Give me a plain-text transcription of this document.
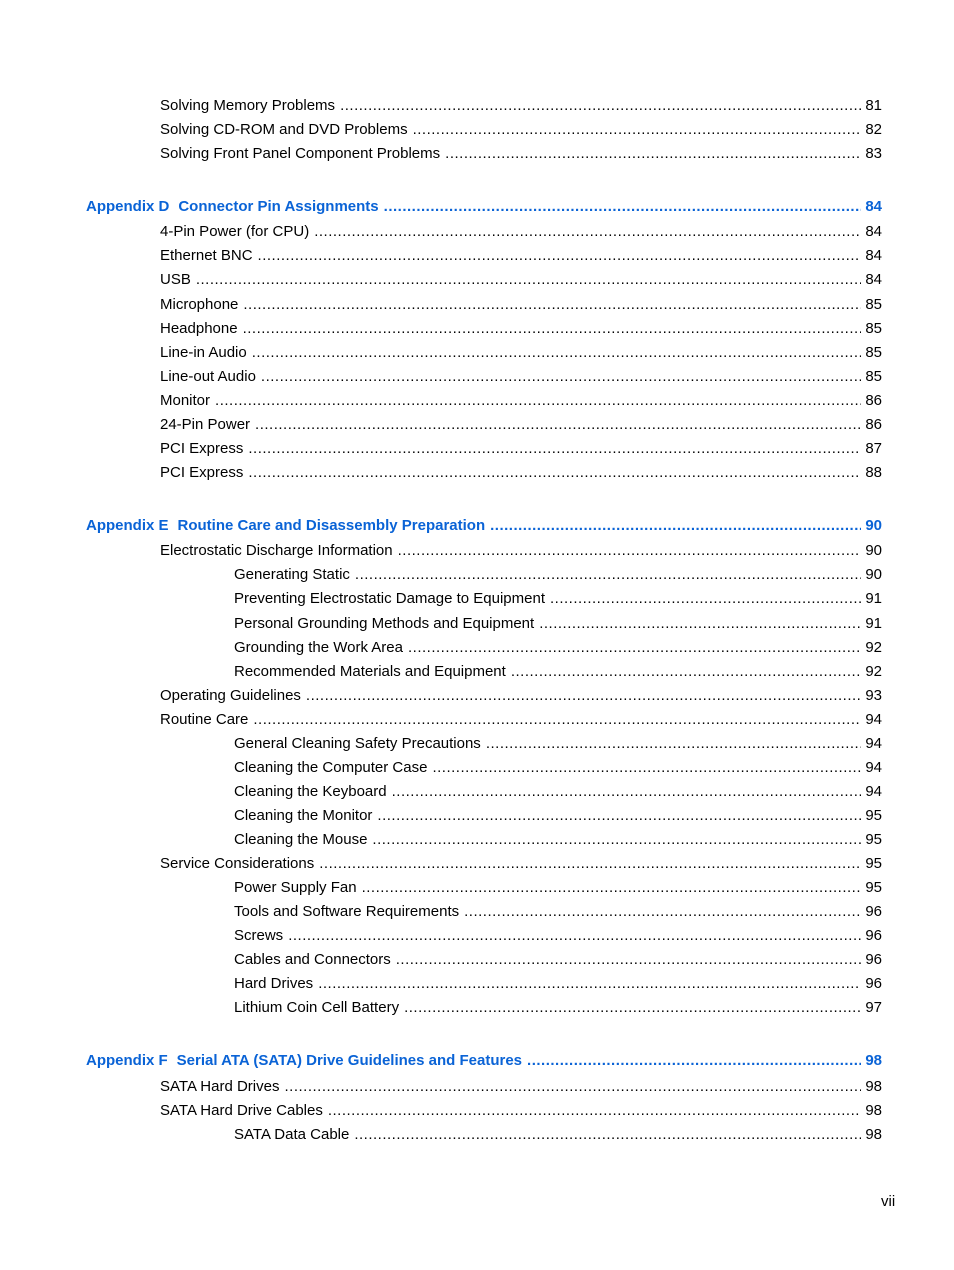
Solving Memory Problems .....	81
Solving CD-ROM and DVD Problems .....	82
Solving Front Panel Component Problems .....	83
Appendix D Connector Pin Assignments .....	84
4-Pin Power (for CPU) .....	84
Ethernet BNC .....	84
USB .....	84
Microphone .....	85
Headphone .....	85
Line-in Audio .....	85
Line-out Audio .....	85
Monitor .....	86
24-Pin Power .....	86
PCI Express .....	87
PCI Express .....	88
Appendix E Routine Care and Disassembly Preparation .....	90
Electrostatic Discharge Information .....	90
Generating Static .....	90
Preventing Electrostatic Damage to Equipment .....	91
Personal Grounding Methods and Equipment .....	91
Grounding the Work Area .....	92
Recommended Materials and Equipment .....	92
Operating Guidelines .....	93
Routine Care .....	94
General Cleaning Safety Precautions .....	94
Cleaning the Computer Case .....	94
Cleaning the Keyboard .....	94
Cleaning the Monitor .....	95
Cleaning the Mouse .....	95
Service Considerations .....	95
Power Supply Fan .....	95
Tools and Software Requirements .....	96
Screws .....	96
Cables and Connectors .....	96
Hard Drives .....	96
Lithium Coin Cell Battery .....	97
Appendix F Serial ATA (SATA) Drive Guidelines and Features .....	98
SATA Hard Drives .....	98
SATA Hard Drive Cables .....	98
SATA Data Cable .....	98
vii
